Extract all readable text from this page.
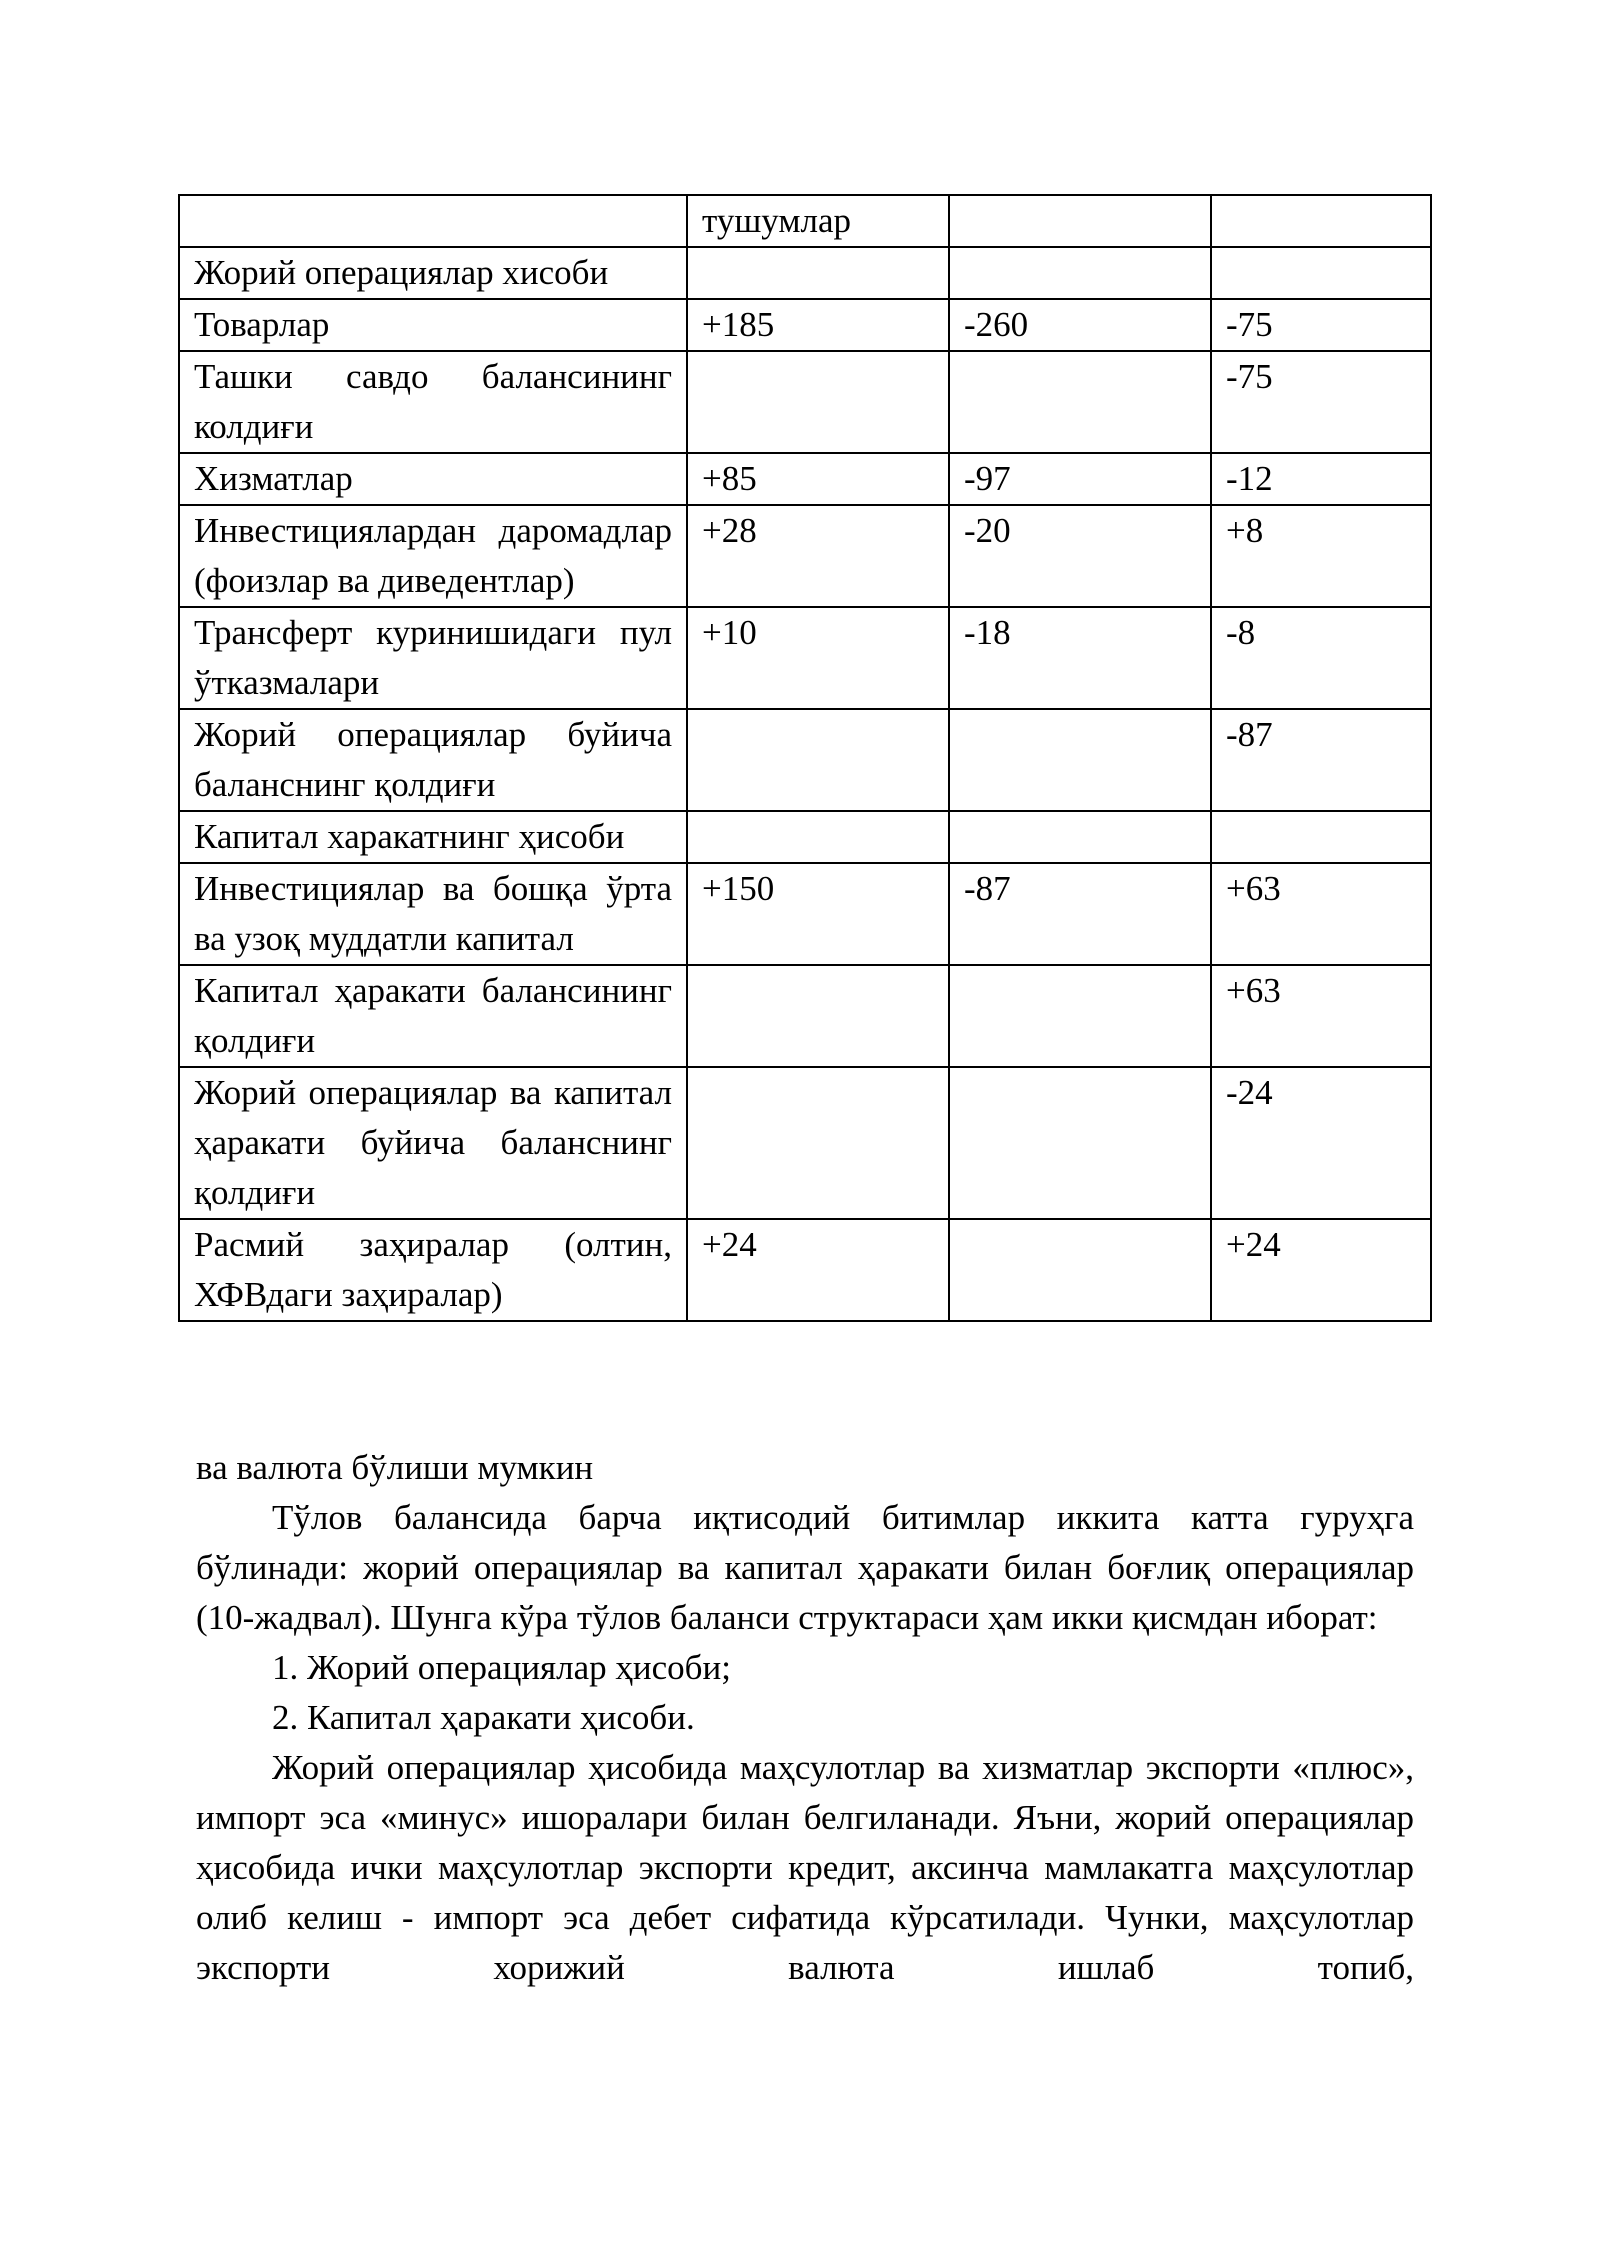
	тушумлар		
Жорий операциялар хисоби			
Товарлар	+185	-260	-75
Ташки савдо балансининг колдиғи			-75
Хизматлар	+85	-97	-12
Инвестициялардан даромадлар (фоизлар ва диведентлар)	+28	-20	+8
Трансферт куринишидаги пул ўтказмалари	+10	-18	-8
Жорий операциялар буйича баланснинг қолдиғи			-87
Капитал харакатнинг ҳисоби			
Инвестициялар ва бошқа ўрта ва узоқ муддатли капитал	+150	-87	+63
Капитал ҳаракати балансининг қолдиғи			+63
Жорий операциялар ва капитал ҳаракати буйича баланснинг қолдиғи			-24
Расмий заҳиралар (олтин, ХФВдаги заҳиралар)	+24		+24

ва валюта бўлиши мумкин

Тўлов балансида барча иқтисодий битимлар иккита катта гуруҳга бўлинади: жорий операциялар ва капитал ҳаракати билан боғлиқ операциялар (10-жадвал). Шунга кўра тўлов баланси структараси ҳам икки қисмдан иборат:

1. Жорий операциялар ҳисоби;

2. Капитал ҳаракати ҳисоби.

Жорий операциялар ҳисобида маҳсулотлар ва хизматлар экспорти «плюс», импорт эса «минус» ишоралари билан белгиланади. Яъни, жорий операциялар ҳисобида ички маҳсулотлар экспорти кредит, аксинча мамлакатга маҳсулотлар олиб келиш - импорт эса дебет сифатида кўрсатилади. Чунки, маҳсулотлар экспорти хорижий валюта ишлаб топиб,
